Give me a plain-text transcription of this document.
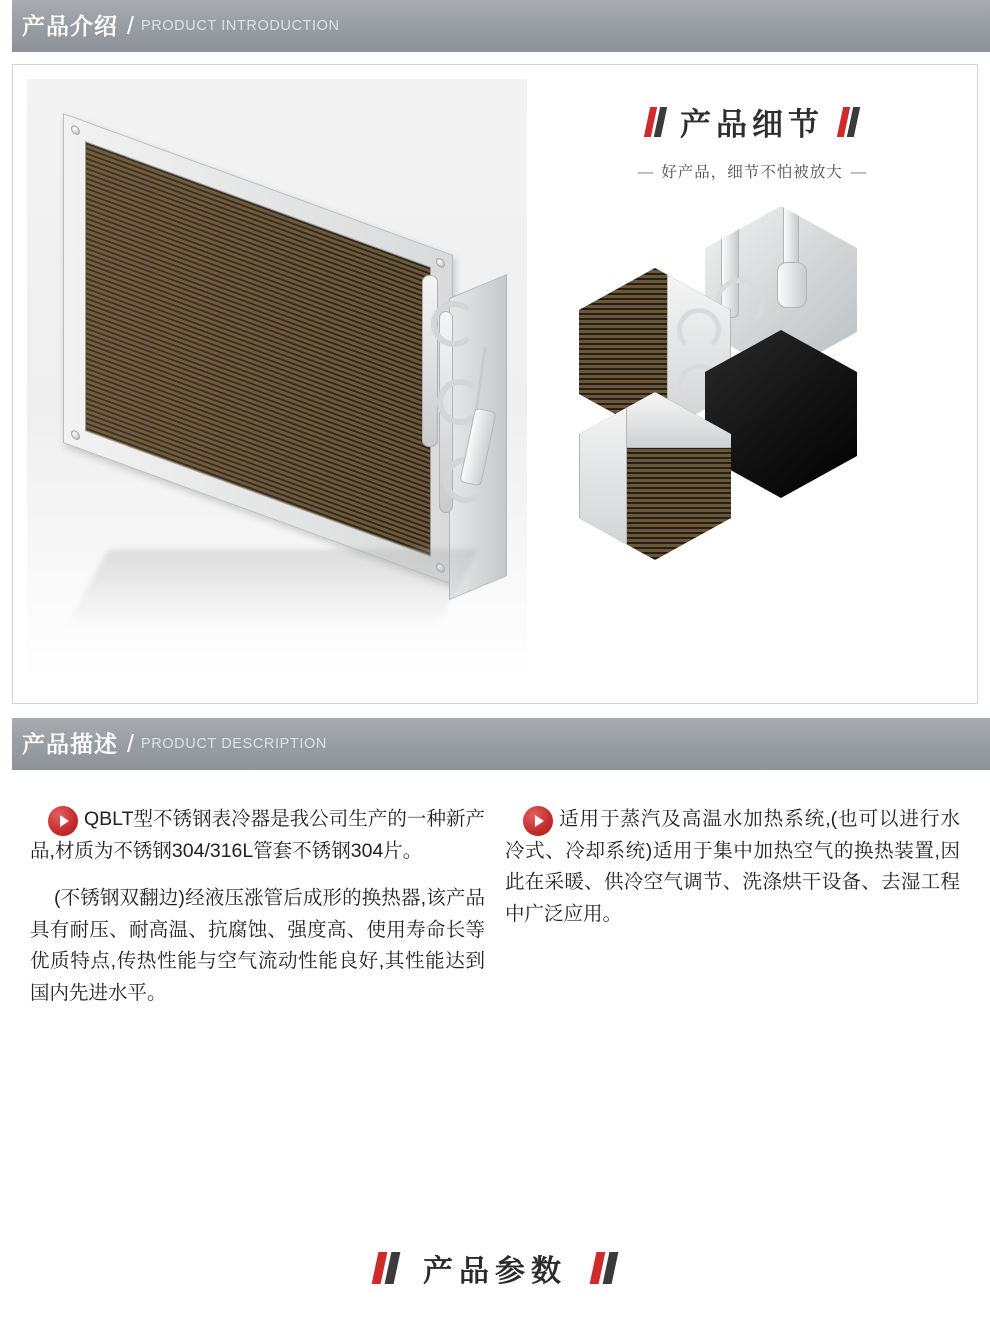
产品介绍 / PRODUCT INTRODUCTION
产品细节
— 好产品，细节不怕被放大 —
产品描述 / PRODUCT DESCRIPTION

QBLT型不锈钢表冷器是我公司生产的一种新产品,材质为不锈钢304/316L管套不锈钢304片。

(不锈钢双翻边)经液压涨管后成形的换热器,该产品具有耐压、耐高温、抗腐蚀、强度高、使用寿命长等优质特点,传热性能与空气流动性能良好,其性能达到国内先进水平。

适用于蒸汽及高温水加热系统,(也可以进行水冷式、冷却系统)适用于集中加热空气的换热装置,因此在采暖、供冷空气调节、洗涤烘干设备、去湿工程中广泛应用。

产品参数
